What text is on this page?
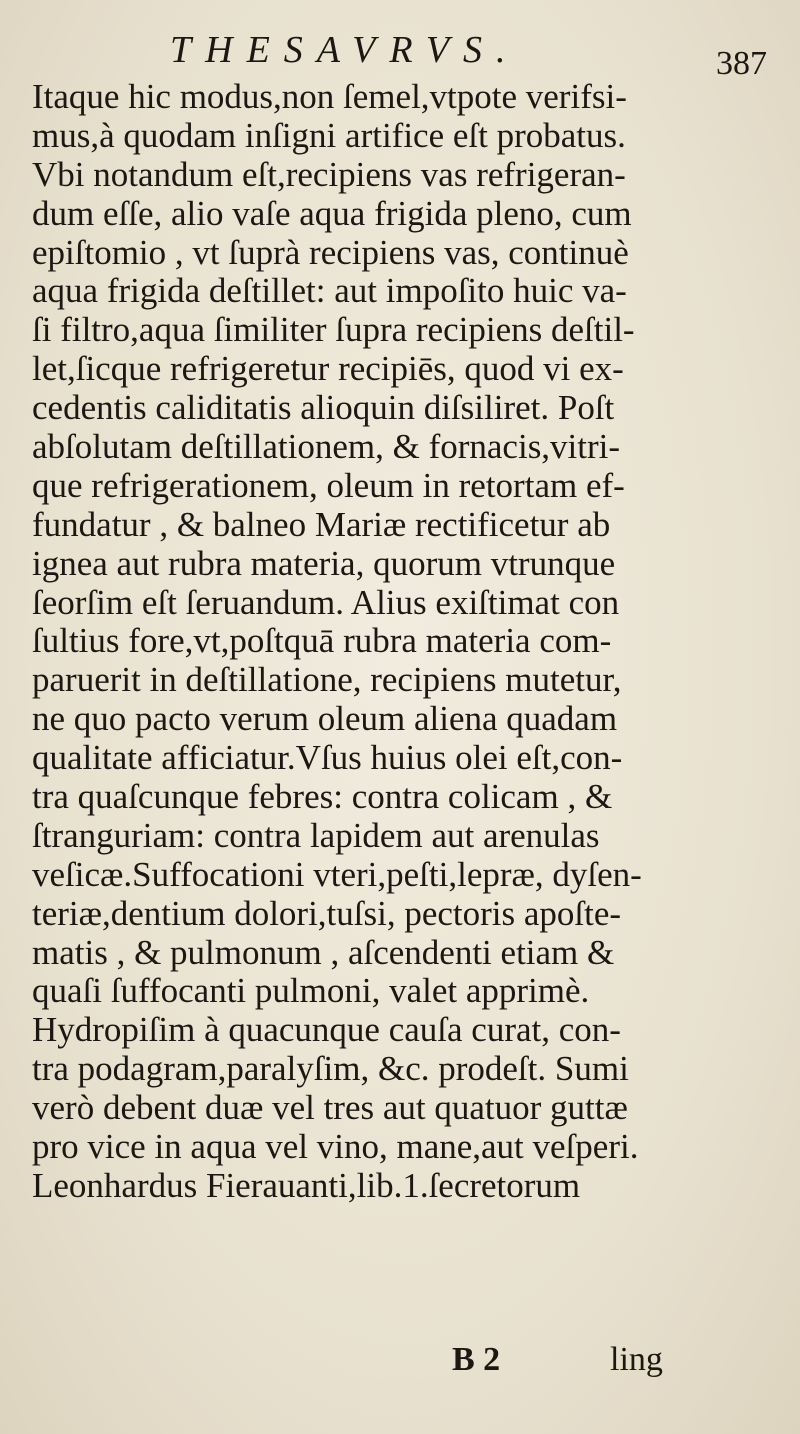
THESAVRVS.	387
Itaque hic modus,non ſemel,vtpote verifsi-
mus,à quodam inſigni artifice eſt probatus.
Vbi notandum eſt,recipiens vas refrigeran-
dum eſſe, alio vaſe aqua frigida pleno, cum
epiſtomio , vt ſuprà recipiens vas, continuè
aqua frigida deſtillet: aut impoſito huic va-
ſi filtro,aqua ſimiliter ſupra recipiens deſtil-
let,ſicque refrigeretur recipiēs, quod vi ex-
cedentis caliditatis alioquin diſsiliret. Poſt
abſolutam deſtillationem, & fornacis,vitri-
que refrigerationem, oleum in retortam ef-
fundatur , & balneo Mariæ rectificetur ab
ignea aut rubra materia, quorum vtrunque
ſeorſim eſt ſeruandum. Alius exiſtimat con
ſultius fore,vt,poſtquā rubra materia com-
paruerit in deſtillatione, recipiens mutetur,
ne quo pacto verum oleum aliena quadam
qualitate afficiatur.Vſus huius olei eſt,con-
tra quaſcunque febres: contra colicam , &
ſtranguriam: contra lapidem aut arenulas
veſicæ.Suffocationi vteri,peſti,lepræ, dyſen-
teriæ,dentium dolori,tuſsi, pectoris apoſte-
matis , & pulmonum , aſcendenti etiam &
quaſi ſuffocanti pulmoni, valet apprimè.
Hydropiſim à quacunque cauſa curat, con-
tra podagram,paralyſim, &c. prodeſt. Sumi
verò debent duæ vel tres aut quatuor guttæ
pro vice in aqua vel vino, mane,aut veſperi.
Leonhardus Fierauanti,lib.1.ſecretorum
B 2	ling
